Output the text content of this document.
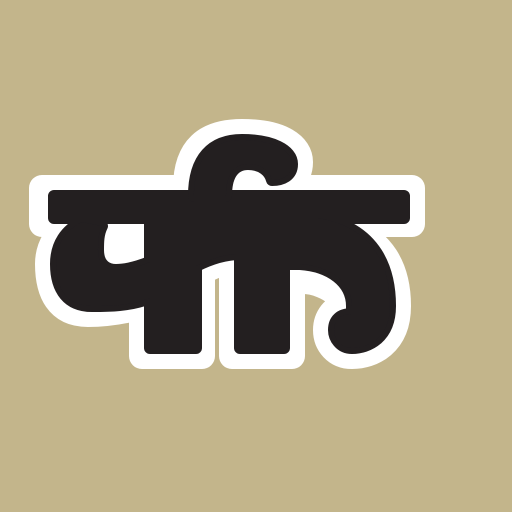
ਪੜ੍ਹੋ
